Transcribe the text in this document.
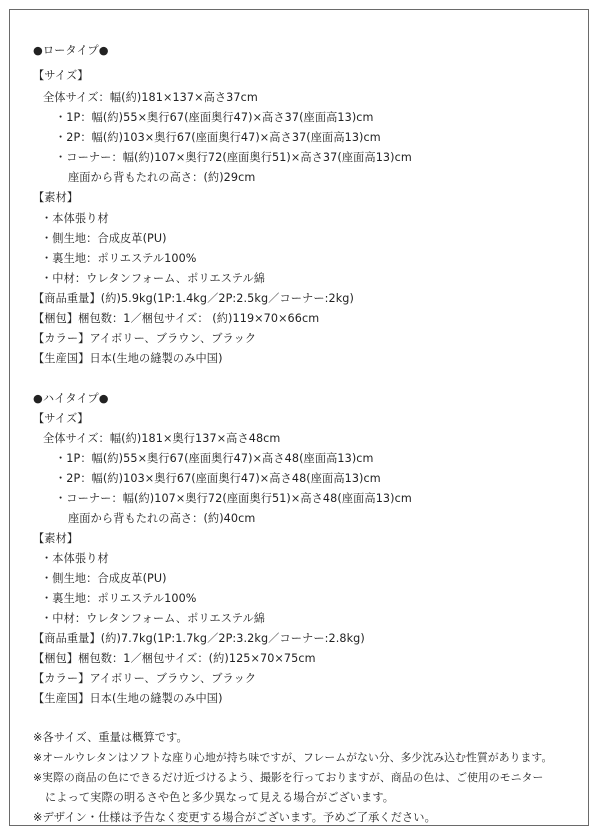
●ロータイプ●
【サイズ】
全体サイズ：幅(約)181×137×高さ37cm
・1P：幅(約)55×奥行67(座面奥行47)×高さ37(座面高13)cm
・2P：幅(約)103×奥行67(座面奥行47)×高さ37(座面高13)cm
・コーナー：幅(約)107×奥行72(座面奥行51)×高さ37(座面高13)cm
座面から背もたれの高さ：(約)29cm
【素材】
・本体張り材
・側生地：合成皮革(PU)
・裏生地：ポリエステル100%
・中材：ウレタンフォーム、ポリエステル綿
【商品重量】(約)5.9kg(1P:1.4kg／2P:2.5kg／コーナー:2kg)
【梱包】梱包数：1／梱包サイズ： (約)119×70×66cm
【カラー】アイボリー、ブラウン、ブラック
【生産国】日本(生地の縫製のみ中国)
●ハイタイプ●
【サイズ】
全体サイズ：幅(約)181×奥行137×高さ48cm
・1P：幅(約)55×奥行67(座面奥行47)×高さ48(座面高13)cm
・2P：幅(約)103×奥行67(座面奥行47)×高さ48(座面高13)cm
・コーナー：幅(約)107×奥行72(座面奥行51)×高さ48(座面高13)cm
座面から背もたれの高さ：(約)40cm
【素材】
・本体張り材
・側生地：合成皮革(PU)
・裏生地：ポリエステル100%
・中材：ウレタンフォーム、ポリエステル綿
【商品重量】(約)7.7kg(1P:1.7kg／2P:3.2kg／コーナー:2.8kg)
【梱包】梱包数：1／梱包サイズ：(約)125×70×75cm
【カラー】アイボリー、ブラウン、ブラック
【生産国】日本(生地の縫製のみ中国)
※各サイズ、重量は概算です。
※オールウレタンはソフトな座り心地が持ち味ですが、フレームがない分、多少沈み込む性質があります。
※実際の商品の色にできるだけ近づけるよう、撮影を行っておりますが、商品の色は、ご使用のモニター
によって実際の明るさや色と多少異なって見える場合がございます。
※デザイン・仕様は予告なく変更する場合がございます。予めご了承ください。
